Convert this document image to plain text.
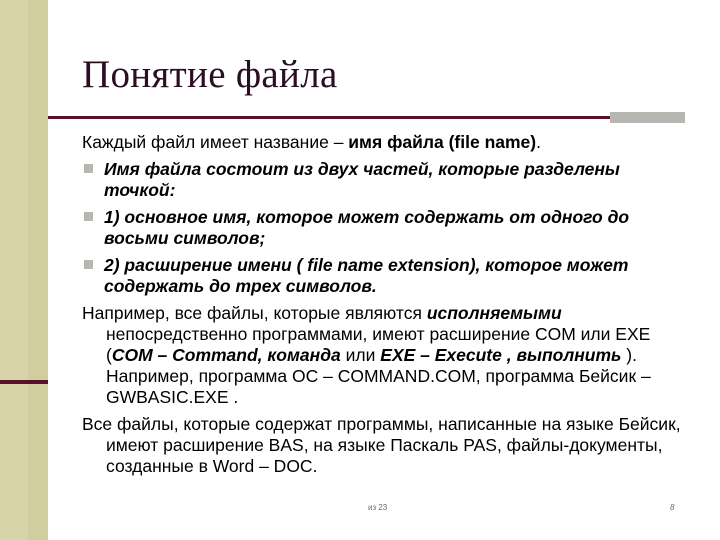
Понятие файла

Каждый файл имеет название – имя файла (file name).

Имя файла состоит из двух частей, которые разделены точкой:
1) основное имя, которое может содержать от одного до восьми символов;
2) расширение имени ( file name extension), которое может содержать до трех символов.

Например, все файлы, которые являются исполняемыми непосредственно программами, имеют расширение COM или EXE (COM – Command, команда или EXE – Execute , выполнить ). Например, программа ОС – COMMAND.COM, программа Бейсик – GWBASIC.EXE .

Все файлы, которые содержат программы, написанные на языке Бейсик, имеют расширение BAS, на языке Паскаль PAS, файлы-документы, созданные в Word – DOC.

из 23	8
